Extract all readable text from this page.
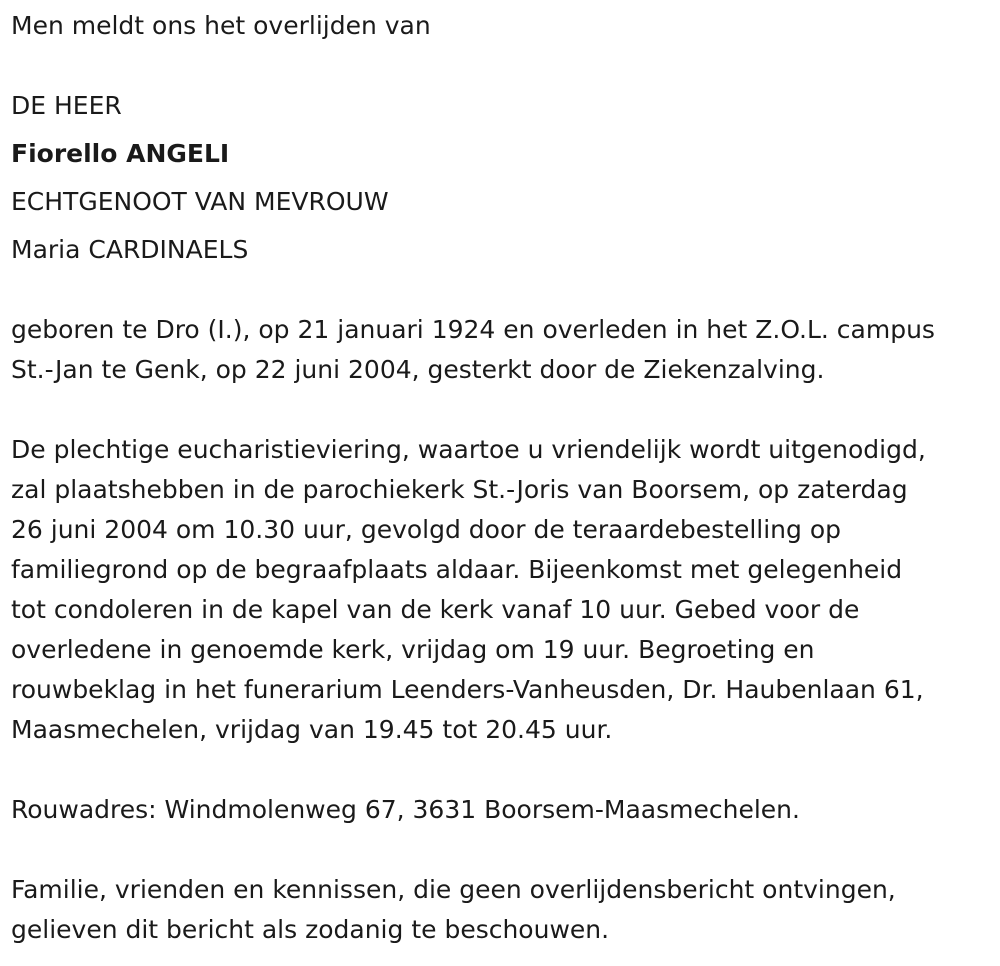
Men meldt ons het overlijden van
DE HEER
Fiorello ANGELI
ECHTGENOOT VAN MEVROUW
Maria CARDINAELS
geboren te Dro (I.), op 21 januari 1924 en overleden in het Z.O.L. campus
St.-Jan te Genk, op 22 juni 2004, gesterkt door de Ziekenzalving.
De plechtige eucharistieviering, waartoe u vriendelijk wordt uitgenodigd,
zal plaatshebben in de parochiekerk St.-Joris van Boorsem, op zaterdag
26 juni 2004 om 10.30 uur, gevolgd door de teraardebestelling op
familiegrond op de begraafplaats aldaar. Bijeenkomst met gelegenheid
tot condoleren in de kapel van de kerk vanaf 10 uur. Gebed voor de
overledene in genoemde kerk, vrijdag om 19 uur. Begroeting en
rouwbeklag in het funerarium Leenders-Vanheusden, Dr. Haubenlaan 61,
Maasmechelen, vrijdag van 19.45 tot 20.45 uur.
Rouwadres: Windmolenweg 67, 3631 Boorsem-Maasmechelen.
Familie, vrienden en kennissen, die geen overlijdensbericht ontvingen,
gelieven dit bericht als zodanig te beschouwen.
